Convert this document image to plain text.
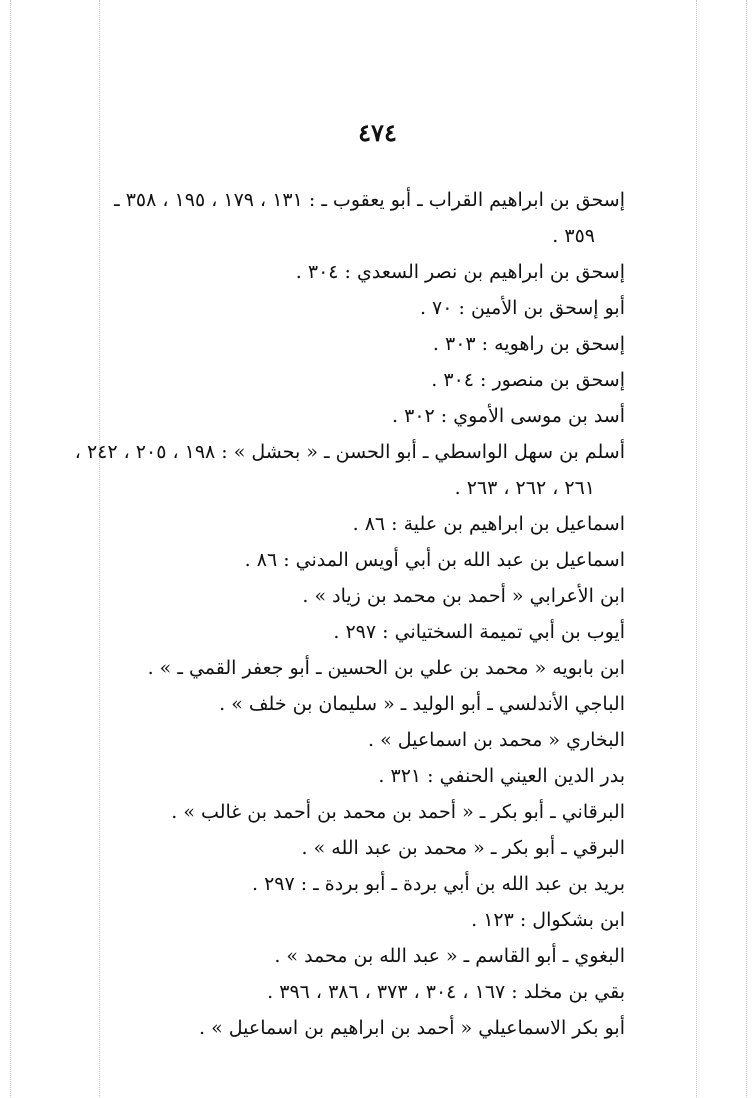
٤٧٤
إسحق بن ابراهيم القراب ـ أبو يعقوب ـ : ١٣١ ، ١٧٩ ، ١٩٥ ، ٣٥٨ ـ
٣٥٩ .
إسحق بن ابراهيم بن نصر السعدي : ٣٠٤ .
أبو إسحق بن الأمين : ٧٠ .
إسحق بن راهويه : ٣٠٣ .
إسحق بن منصور : ٣٠٤ .
أسد بن موسى الأموي : ٣٠٢ .
أسلم بن سهل الواسطي ـ أبو الحسن ـ « بحشل » : ١٩٨ ، ٢٠٥ ، ٢٤٢ ،
٢٦١ ، ٢٦٢ ، ٢٦٣ .
اسماعيل بن ابراهيم بن علية : ٨٦ .
اسماعيل بن عبد الله بن أبي أويس المدني : ٨٦ .
ابن الأعرابي « أحمد بن محمد بن زياد » .
أيوب بن أبي تميمة السختياني : ٢٩٧ .
ابن بابويه « محمد بن علي بن الحسين ـ أبو جعفر القمي ـ » .
الباجي الأندلسي ـ أبو الوليد ـ « سليمان بن خلف » .
البخاري « محمد بن اسماعيل » .
بدر الدين العيني الحنفي : ٣٢١ .
البرقاني ـ أبو بكر ـ « أحمد بن محمد بن أحمد بن غالب » .
البرقي ـ أبو بكر ـ « محمد بن عبد الله » .
بريد بن عبد الله بن أبي بردة ـ أبو بردة ـ : ٢٩٧ .
ابن بشكوال : ١٢٣ .
البغوي ـ أبو القاسم ـ « عبد الله بن محمد » .
بقي بن مخلد : ١٦٧ ، ٣٠٤ ، ٣٧٣ ، ٣٨٦ ، ٣٩٦ .
أبو بكر الاسماعيلي « أحمد بن ابراهيم بن اسماعيل » .
